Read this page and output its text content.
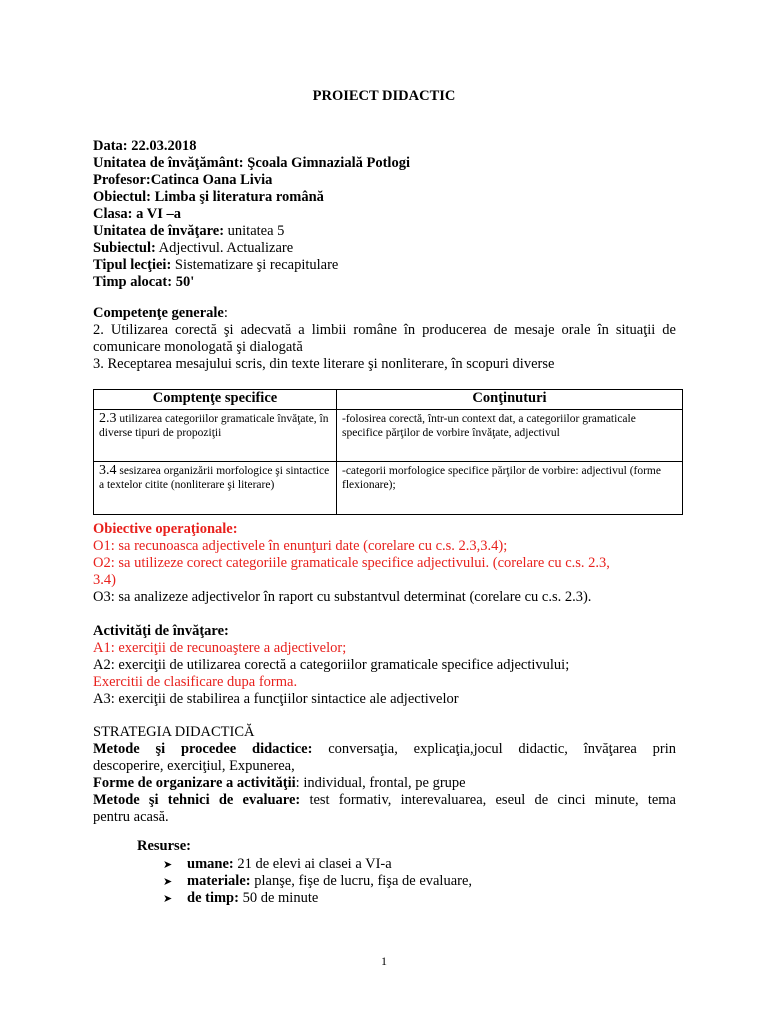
PROIECT DIDACTIC
Data: 22.03.2018
Unitatea de învăţământ: Şcoala Gimnazială Potlogi
Profesor:Catinca Oana Livia
Obiectul: Limba şi literatura română
Clasa: a VI –a
Unitatea de învăţare: unitatea 5
Subiectul: Adjectivul. Actualizare
Tipul lecţiei: Sistematizare şi recapitulare
Timp alocat: 50'
Competenţe generale:
2. Utilizarea corectă şi adecvată a limbii române în producerea de mesaje orale în situaţii de
comunicare monologată şi dialogată
3. Receptarea mesajului scris, din texte literare şi nonliterare, în scopuri diverse
Comptenţe specifice	Conţinuturi
2.3 utilizarea categoriilor gramaticale învăţate, în diverse tipuri de propoziţii	-folosirea corectă, într-un context dat, a categoriilor gramaticale specifice părţilor de vorbire învăţate, adjectivul
3.4 sesizarea organizării morfologice şi sintactice a textelor citite (nonliterare şi literare)	-categorii morfologice specifice părţilor de vorbire: adjectivul (forme flexionare);
Obiective operaţionale:
O1: sa recunoasca adjectivele în enunţuri date (corelare cu c.s. 2.3,3.4);
O2: sa utilizeze corect categoriile gramaticale specifice adjectivului. (corelare cu c.s. 2.3,
3.4)
O3: sa analizeze adjectivelor în raport cu substantvul determinat (corelare cu c.s. 2.3).
Activităţi de învăţare:
A1: exerciţii de recunoaştere a adjectivelor;
A2: exerciţii de utilizarea corectă a categoriilor gramaticale specifice adjectivului;
Exercitii de clasificare dupa forma.
A3: exerciţii de stabilirea a funcţiilor sintactice ale adjectivelor
STRATEGIA DIDACTICĂ
Metode şi procedee didactice: conversaţia, explicaţia,jocul didactic, învăţarea prin
descoperire, exerciţiul, Expunerea,
Forme de organizare a activităţii: individual, frontal, pe grupe
Metode şi tehnici de evaluare: test formativ, interevaluarea, eseul de cinci minute, tema
pentru acasă.
Resurse:
➤ umane: 21 de elevi ai clasei a VI-a
➤ materiale: planşe, fişe de lucru, fişa de evaluare,
➤ de timp: 50 de minute
1
